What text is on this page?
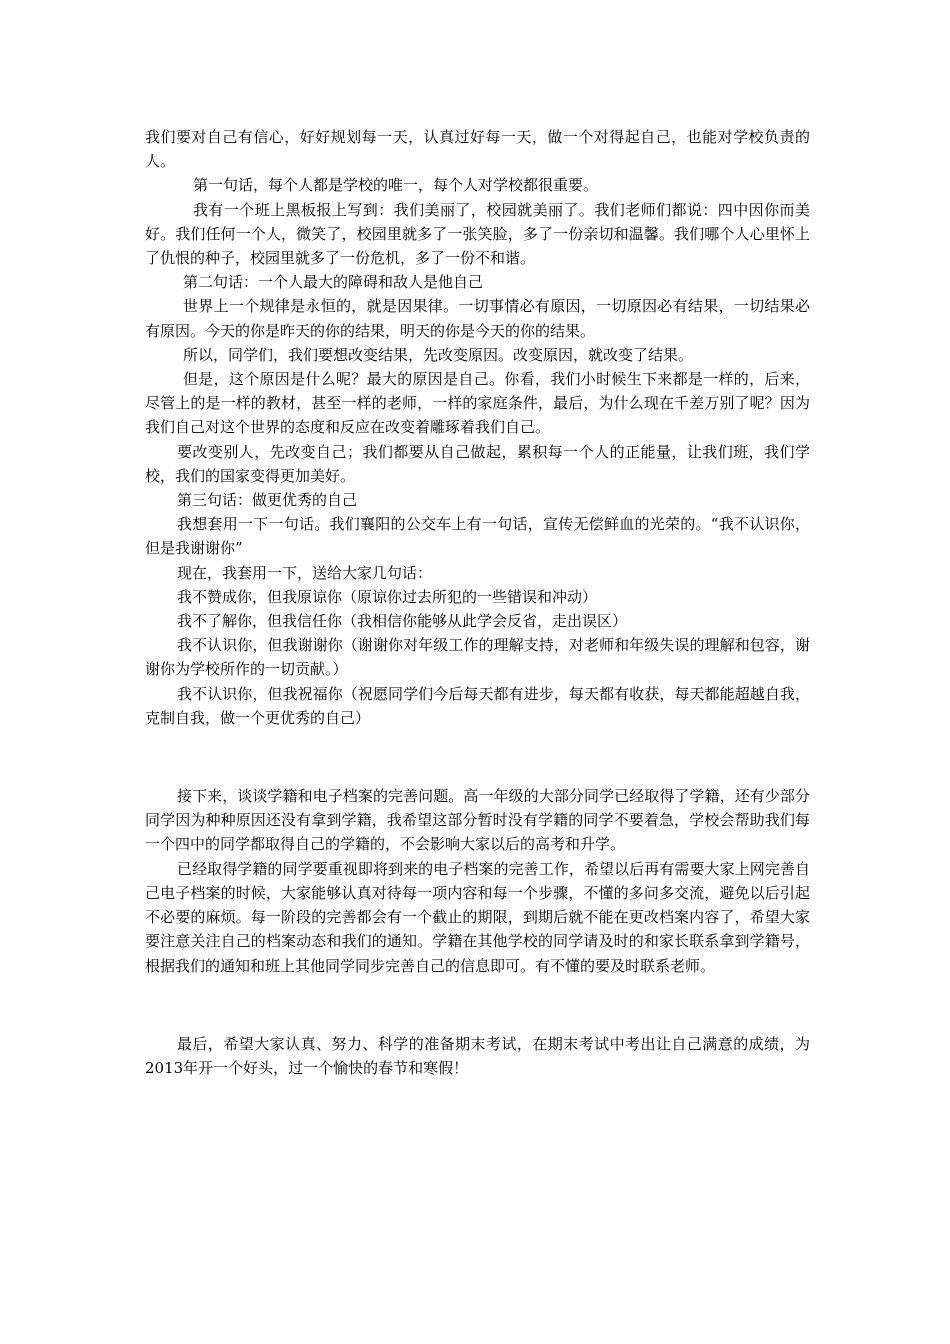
我们要对自己有信心，好好规划每一天，认真过好每一天，做一个对得起自己，也能对学校负责的人。

第一句话，每个人都是学校的唯一，每个人对学校都很重要。

我有一个班上黑板报上写到：我们美丽了，校园就美丽了。我们老师们都说：四中因你而美好。我们任何一个人，微笑了，校园里就多了一张笑脸，多了一份亲切和温馨。我们哪个人心里怀上了仇恨的种子，校园里就多了一份危机，多了一份不和谐。

第二句话：一个人最大的障碍和敌人是他自己

世界上一个规律是永恒的，就是因果律。一切事情必有原因，一切原因必有结果，一切结果必有原因。今天的你是昨天的你的结果，明天的你是今天的你的结果。

所以，同学们，我们要想改变结果，先改变原因。改变原因，就改变了结果。

但是，这个原因是什么呢？最大的原因是自己。你看，我们小时候生下来都是一样的，后来，尽管上的是一样的教材，甚至一样的老师，一样的家庭条件，最后，为什么现在千差万别了呢？因为我们自己对这个世界的态度和反应在改变着雕琢着我们自己。

要改变别人，先改变自己；我们都要从自己做起，累积每一个人的正能量，让我们班，我们学校，我们的国家变得更加美好。

第三句话：做更优秀的自己

我想套用一下一句话。我们襄阳的公交车上有一句话，宣传无偿鲜血的光荣的。“我不认识你，但是我谢谢你”

现在，我套用一下，送给大家几句话：

我不赞成你，但我原谅你（原谅你过去所犯的一些错误和冲动）

我不了解你，但我信任你（我相信你能够从此学会反省，走出误区）

我不认识你，但我谢谢你（谢谢你对年级工作的理解支持，对老师和年级失误的理解和包容，谢谢你为学校所作的一切贡献。）

我不认识你，但我祝福你（祝愿同学们今后每天都有进步，每天都有收获，每天都能超越自我，克制自我，做一个更优秀的自己）

接下来，谈谈学籍和电子档案的完善问题。高一年级的大部分同学已经取得了学籍，还有少部分同学因为种种原因还没有拿到学籍，我希望这部分暂时没有学籍的同学不要着急，学校会帮助我们每一个四中的同学都取得自己的学籍的，不会影响大家以后的高考和升学。

已经取得学籍的同学要重视即将到来的电子档案的完善工作，希望以后再有需要大家上网完善自己电子档案的时候，大家能够认真对待每一项内容和每一个步骤，不懂的多问多交流，避免以后引起不必要的麻烦。每一阶段的完善都会有一个截止的期限，到期后就不能在更改档案内容了，希望大家要注意关注自己的档案动态和我们的通知。学籍在其他学校的同学请及时的和家长联系拿到学籍号，根据我们的通知和班上其他同学同步完善自己的信息即可。有不懂的要及时联系老师。

最后，希望大家认真、努力、科学的准备期末考试，在期末考试中考出让自己满意的成绩，为2013年开一个好头，过一个愉快的春节和寒假！
